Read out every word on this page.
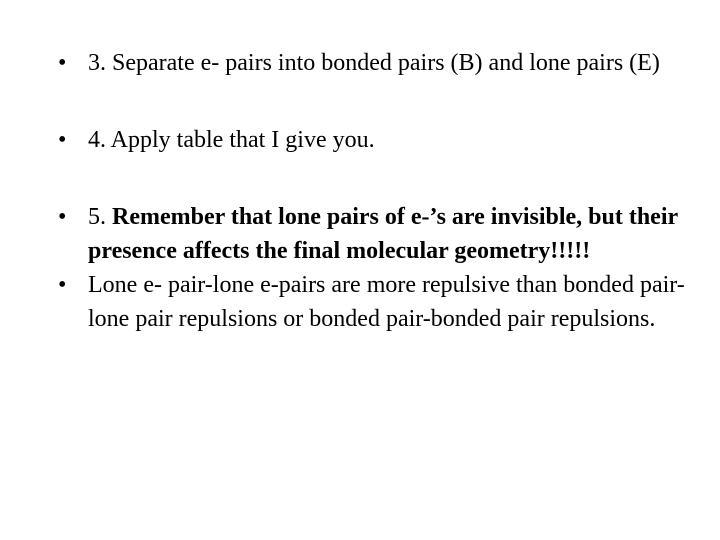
• 3. Separate e- pairs into bonded pairs (B) and lone pairs (E)
• 4. Apply table that I give you.
• 5. Remember that lone pairs of e-’s are invisible, but their presence affects the final molecular geometry!!!!!
• Lone e- pair-lone e-pairs are more repulsive than bonded pair-lone pair repulsions or bonded pair-bonded pair repulsions.
